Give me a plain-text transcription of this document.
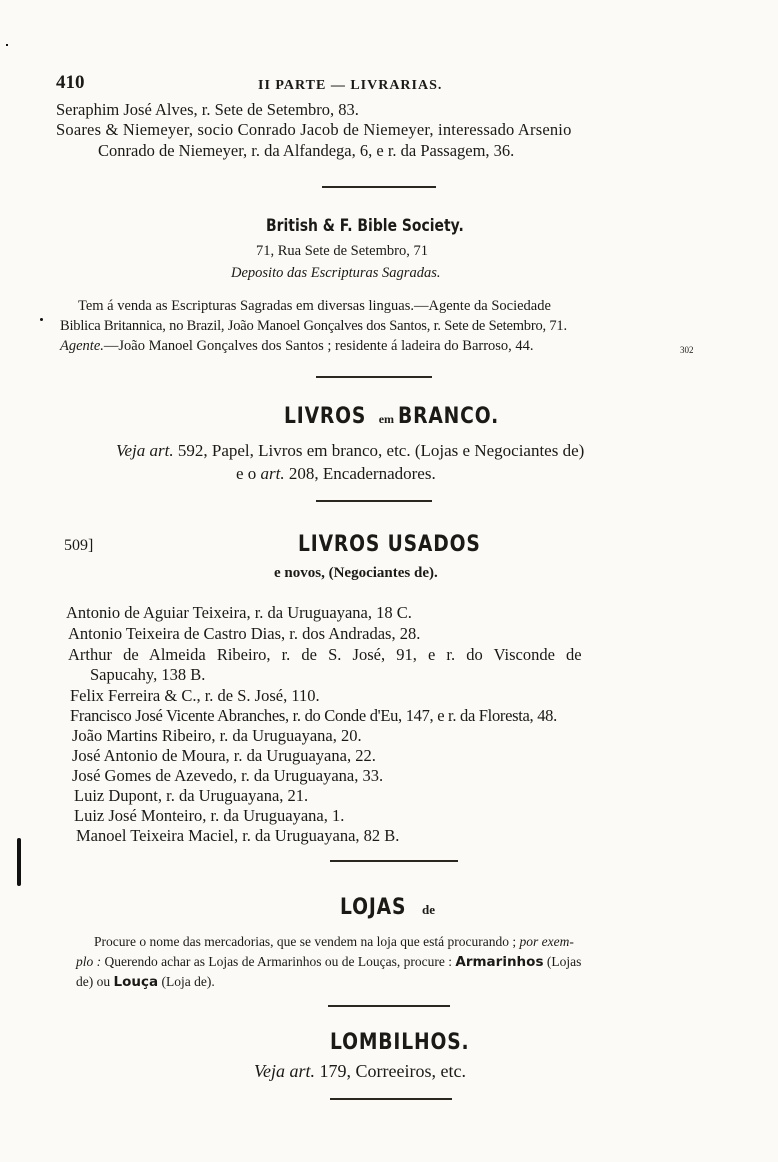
410	II PARTE — LIVRARIAS.
Seraphim José Alves, r. Sete de Setembro, 83.
Soares & Niemeyer, socio Conrado Jacob de Niemeyer, interessado Arsenio
Conrado de Niemeyer, r. da Alfandega, 6, e r. da Passagem, 36.
British & F. Bible Society.
71, Rua Sete de Setembro, 71
Deposito das Escripturas Sagradas.
Tem á venda as Escripturas Sagradas em diversas linguas.—Agente da Sociedade
Biblica Britannica, no Brazil, João Manoel Gonçalves dos Santos, r. Sete de Setembro, 71.
Agente.—João Manoel Gonçalves dos Santos ; residente á ladeira do Barroso, 44.	302
LIVROS em BRANCO.
Veja art. 592, Papel, Livros em branco, etc. (Lojas e Negociantes de)
e o art. 208, Encadernadores.
509]	LIVROS USADOS
e novos, (Negociantes de).
Antonio de Aguiar Teixeira, r. da Uruguayana, 18 C.
Antonio Teixeira de Castro Dias, r. dos Andradas, 28.
Arthur de Almeida Ribeiro, r. de S. José, 91, e r. do Visconde de
Sapucahy, 138 B.
Felix Ferreira & C., r. de S. José, 110.
Francisco José Vicente Abranches, r. do Conde d'Eu, 147, e r. da Floresta, 48.
João Martins Ribeiro, r. da Uruguayana, 20.
José Antonio de Moura, r. da Uruguayana, 22.
José Gomes de Azevedo, r. da Uruguayana, 33.
Luiz Dupont, r. da Uruguayana, 21.
Luiz José Monteiro, r. da Uruguayana, 1.
Manoel Teixeira Maciel, r. da Uruguayana, 82 B.
LOJAS de
Procure o nome das mercadorias, que se vendem na loja que está procurando ; por exem-
plo : Querendo achar as Lojas de Armarinhos ou de Louças, procure : Armarinhos (Lojas
de) ou Louça (Loja de).
LOMBILHOS.
Veja art. 179, Correeiros, etc.
